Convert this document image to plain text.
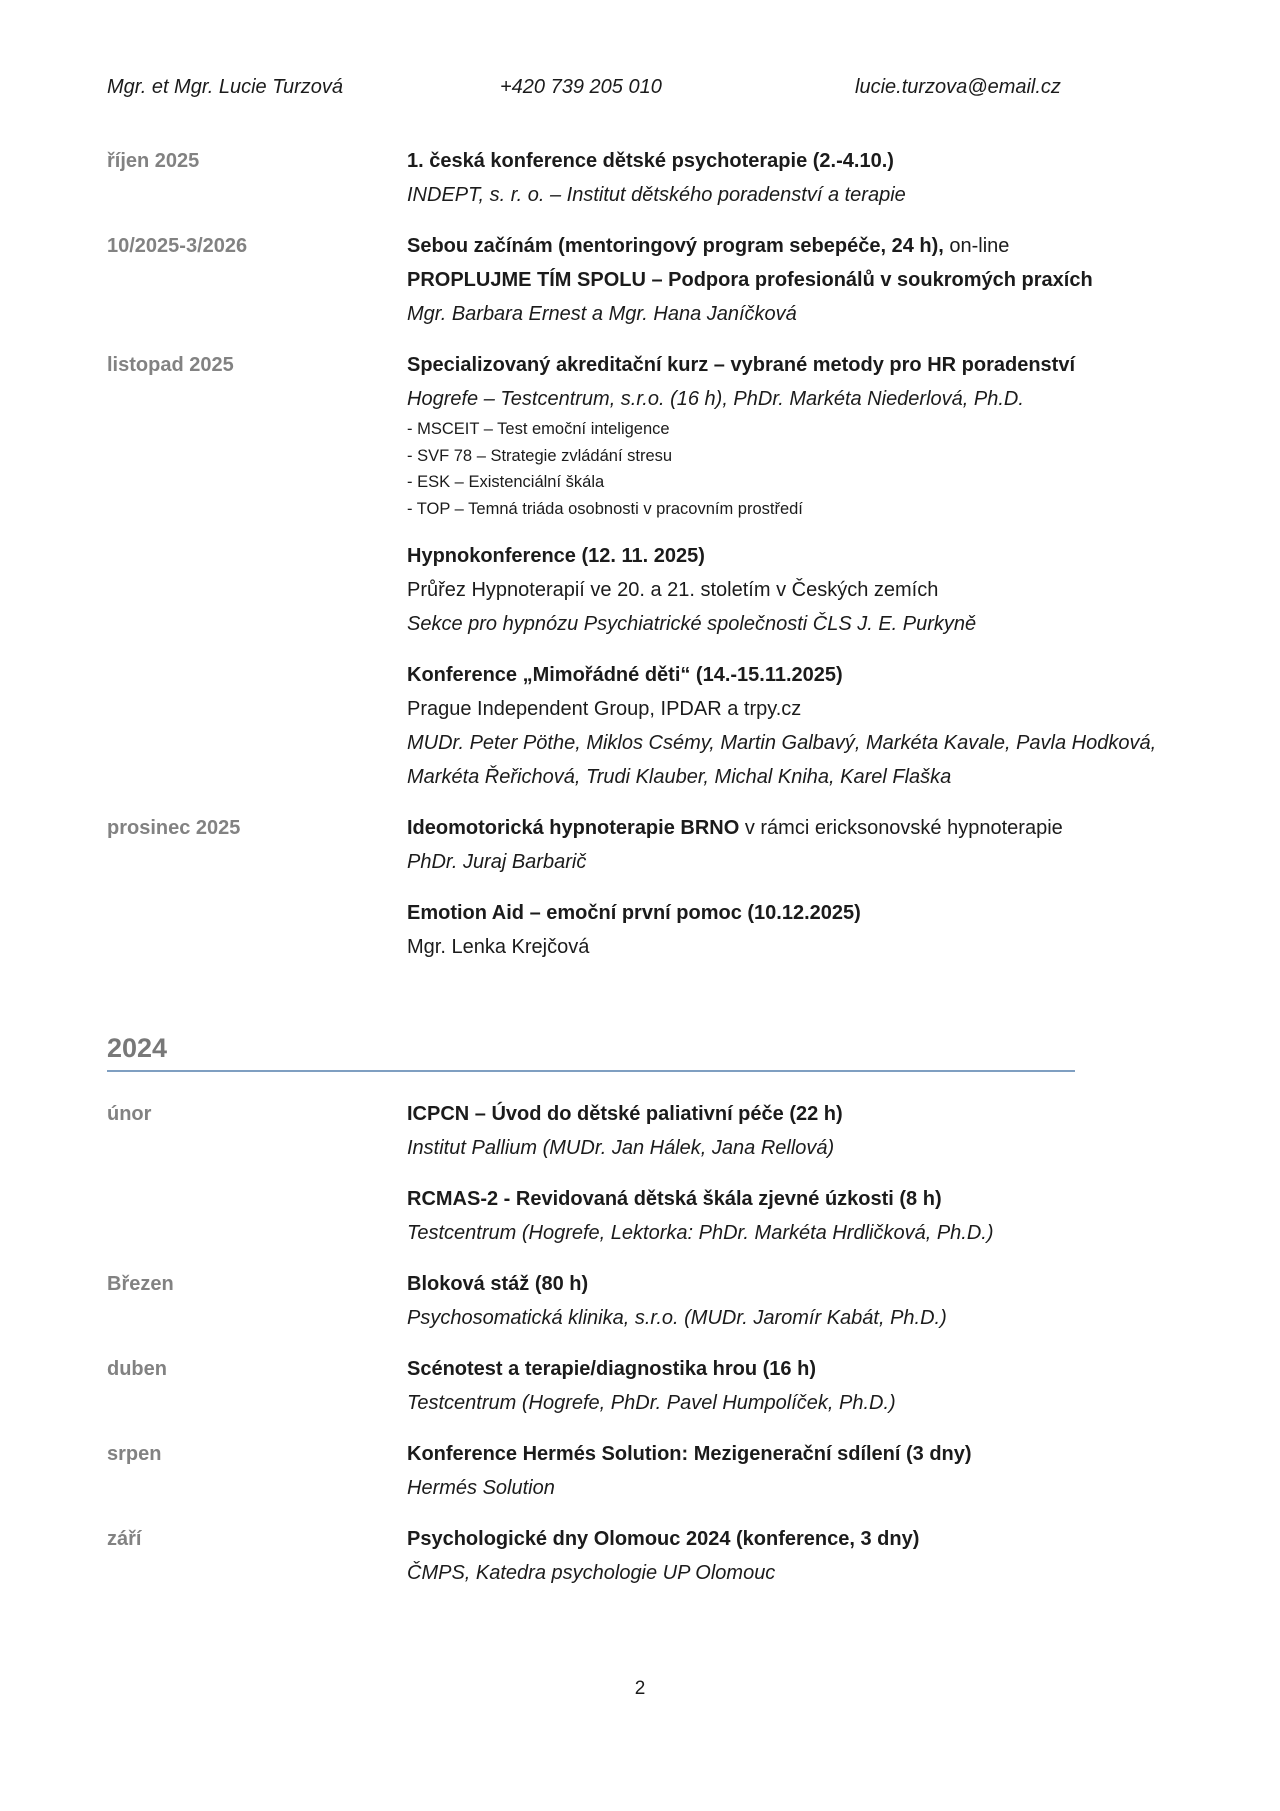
Mgr. et Mgr. Lucie Turzová	+420 739 205 010	lucie.turzova@email.cz
říjen 2025	1. česká konference dětské psychoterapie (2.-4.10.)
INDEPT, s. r. o. – Institut dětského poradenství a terapie
10/2025-3/2026	Sebou začínám (mentoringový program sebepéče, 24 h), on-line
PROPLUJME TÍM SPOLU – Podpora profesionálů v soukromých praxích
Mgr. Barbara Ernest a Mgr. Hana Janíčková
listopad 2025	Specializovaný akreditační kurz – vybrané metody pro HR poradenství
Hogrefe – Testcentrum, s.r.o. (16 h), PhDr. Markéta Niederlová, Ph.D.
- MSCEIT – Test emoční inteligence
- SVF 78 – Strategie zvládání stresu
- ESK – Existenciální škála
- TOP – Temná triáda osobnosti v pracovním prostředí
Hypnokonference (12. 11. 2025)
Průřez Hypnoterapií ve 20. a 21. stoletím v Českých zemích
Sekce pro hypnózu Psychiatrické společnosti ČLS J. E. Purkyně
Konference „Mimořádné děti“ (14.-15.11.2025)
Prague Independent Group, IPDAR a trpy.cz
MUDr. Peter Pöthe, Miklos Csémy, Martin Galbavý, Markéta Kavale, Pavla Hodková, Markéta Řeřichová, Trudi Klauber, Michal Kniha, Karel Flaška
prosinec 2025	Ideomotorická hypnoterapie BRNO v rámci ericksonovské hypnoterapie
PhDr. Juraj Barbarič
Emotion Aid – emoční první pomoc (10.12.2025)
Mgr. Lenka Krejčová
2024
únor	ICPCN – Úvod do dětské paliativní péče (22 h)
Institut Pallium (MUDr. Jan Hálek, Jana Rellová)
RCMAS-2 - Revidovaná dětská škála zjevné úzkosti (8 h)
Testcentrum (Hogrefe, Lektorka: PhDr. Markéta Hrdličková, Ph.D.)
Březen	Bloková stáž (80 h)
Psychosomatická klinika, s.r.o. (MUDr. Jaromír Kabát, Ph.D.)
duben	Scénotest a terapie/diagnostika hrou (16 h)
Testcentrum (Hogrefe, PhDr. Pavel Humpolíček, Ph.D.)
srpen	Konference Hermés Solution: Mezigenerační sdílení (3 dny)
Hermés Solution
září	Psychologické dny Olomouc 2024 (konference, 3 dny)
ČMPS, Katedra psychologie UP Olomouc
2
